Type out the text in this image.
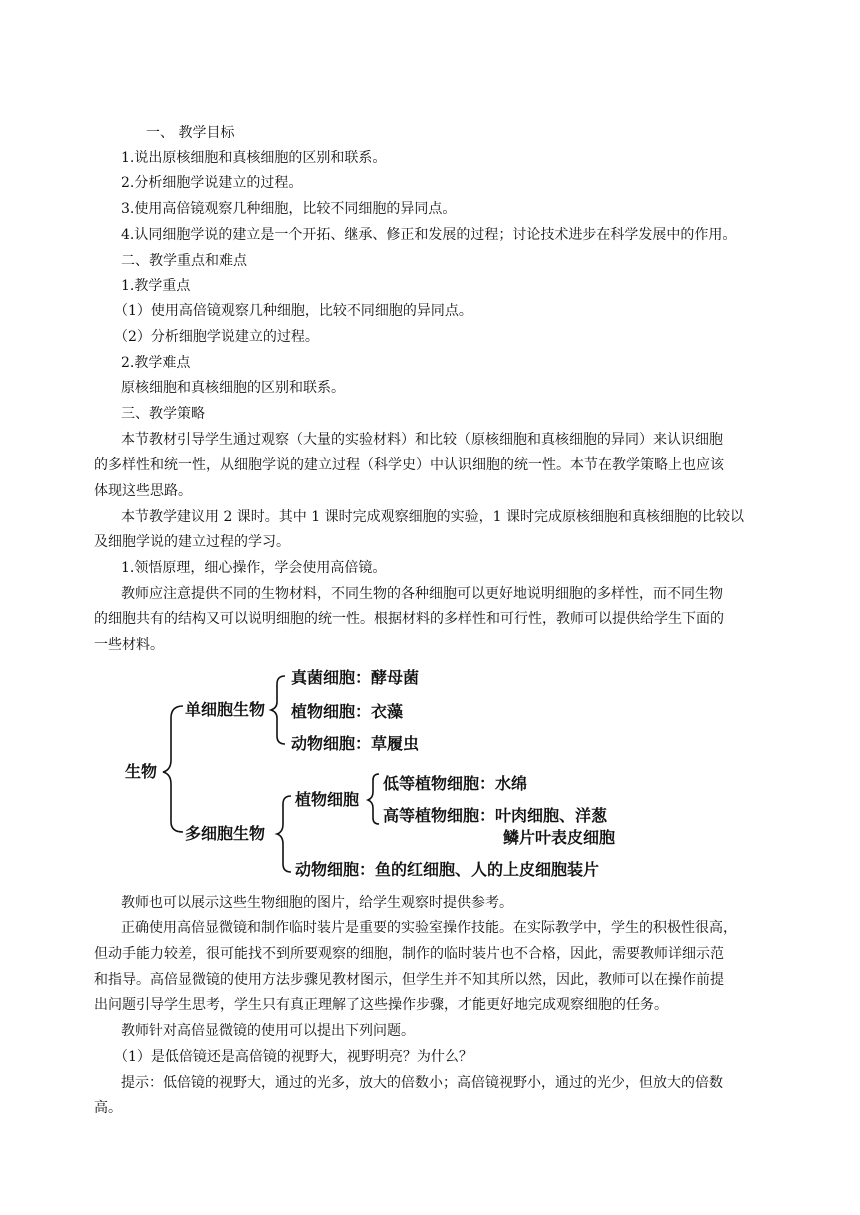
一、 教学目标
1.说出原核细胞和真核细胞的区别和联系。
2.分析细胞学说建立的过程。
3.使用高倍镜观察几种细胞，比较不同细胞的异同点。
4.认同细胞学说的建立是一个开拓、继承、修正和发展的过程；讨论技术进步在科学发展中的作用。
二、教学重点和难点
1.教学重点
（1）使用高倍镜观察几种细胞，比较不同细胞的异同点。
（2）分析细胞学说建立的过程。
2.教学难点
原核细胞和真核细胞的区别和联系。
三、教学策略
本节教材引导学生通过观察（大量的实验材料）和比较（原核细胞和真核细胞的异同）来认识细胞
的多样性和统一性，从细胞学说的建立过程（科学史）中认识细胞的统一性。本节在教学策略上也应该
体现这些思路。
本节教学建议用 2 课时。其中 1 课时完成观察细胞的实验，1 课时完成原核细胞和真核细胞的比较以
及细胞学说的建立过程的学习。
1.领悟原理，细心操作，学会使用高倍镜。
教师应注意提供不同的生物材料，不同生物的各种细胞可以更好地说明细胞的多样性，而不同生物
的细胞共有的结构又可以说明细胞的统一性。根据材料的多样性和可行性，教师可以提供给学生下面的
一些材料。
生物
单细胞生物
真菌细胞：酵母菌
植物细胞：衣藻
动物细胞：草履虫
多细胞生物
植物细胞
低等植物细胞：水绵
高等植物细胞：叶肉细胞、洋葱
鳞片叶表皮细胞
动物细胞：鱼的红细胞、人的上皮细胞装片
教师也可以展示这些生物细胞的图片，给学生观察时提供参考。
正确使用高倍显微镜和制作临时装片是重要的实验室操作技能。在实际教学中，学生的积极性很高，
但动手能力较差，很可能找不到所要观察的细胞，制作的临时装片也不合格，因此，需要教师详细示范
和指导。高倍显微镜的使用方法步骤见教材图示，但学生并不知其所以然，因此，教师可以在操作前提
出问题引导学生思考，学生只有真正理解了这些操作步骤，才能更好地完成观察细胞的任务。
教师针对高倍显微镜的使用可以提出下列问题。
（1）是低倍镜还是高倍镜的视野大，视野明亮？为什么？
提示：低倍镜的视野大，通过的光多，放大的倍数小；高倍镜视野小，通过的光少，但放大的倍数
高。
